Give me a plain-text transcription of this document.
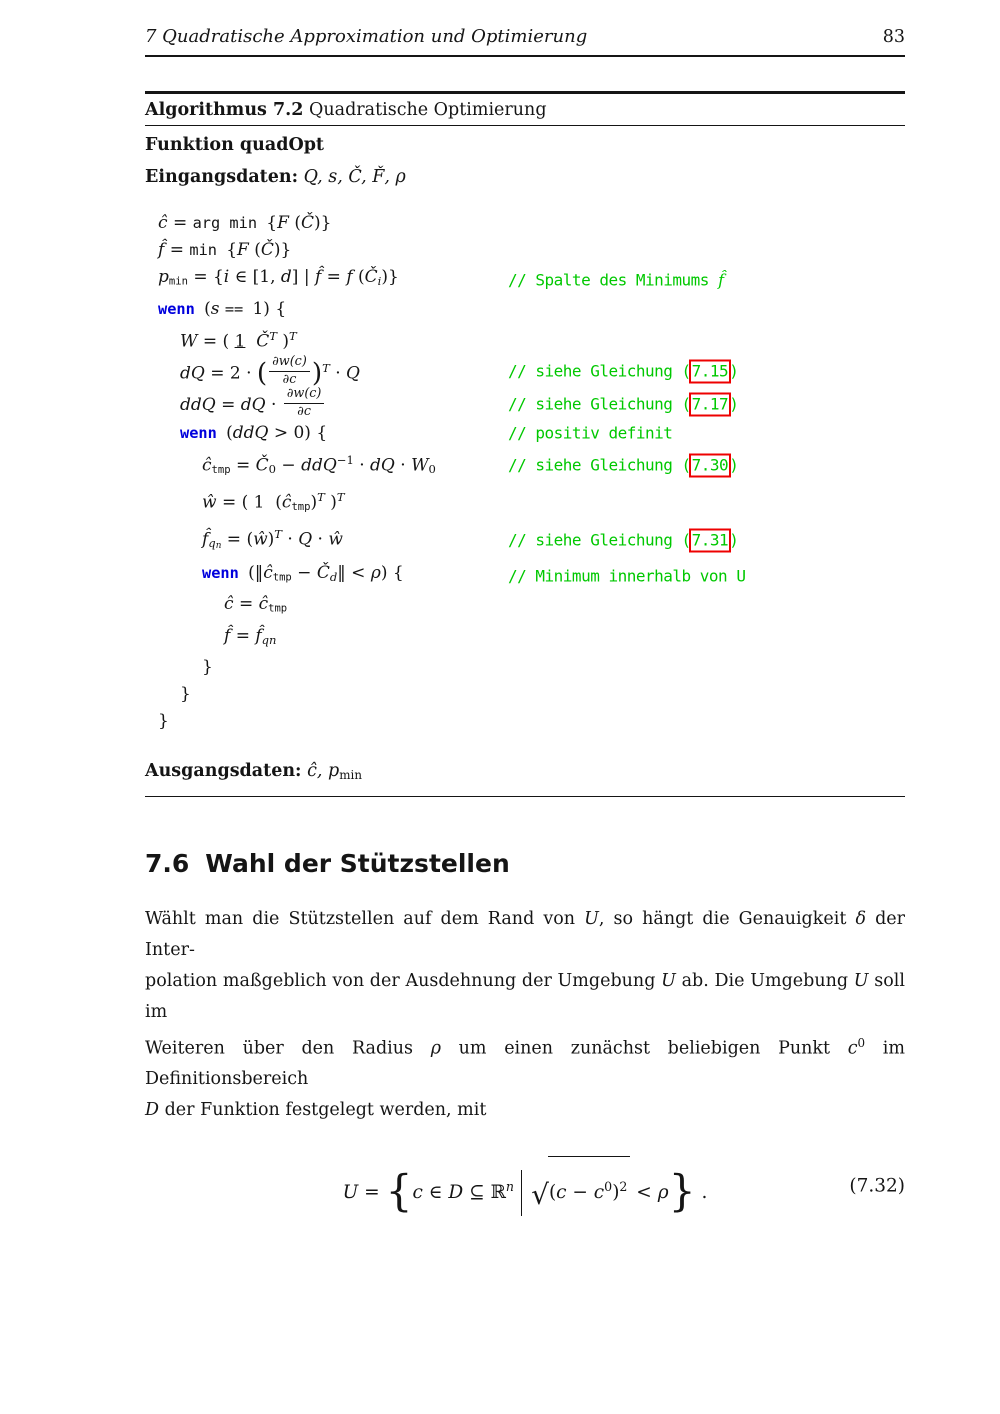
7 Quadratische Approximation und Optimierung	83
Algorithmus 7.2 Quadratische Optimierung
Funktion quadOpt
Eingangsdaten: Q, s, Č, F̌, ρ
ĉ = arg min {F (Č)}
f̂ = min {F (Č)}
pmin = {i ∈ [1, d] | f̂ = f (Či)}	// Spalte des Minimums f̂
wenn (s == 1) {
W = ( 1 $Č^T$ )$^T$
dQ = 2 · ( $\frac{\partial w(c)}{\partial c} )^T \cdot Q$	// siehe Gleichung (7.15)
ddQ = dQ · $\frac{\partial w(c)}{\partial c}$	// siehe Gleichung (7.17)
wenn (ddQ > 0) {	// positiv definit
ĉtmp = Č0 − ddQ$^{-1}$ · dQ · W0	// siehe Gleichung (7.30)
ŵ = ( 1  (ĉtmp)$^T$ )$^T$
$f̂q_n$ = (ŵ)$^T$ · Q · ŵ	// siehe Gleichung (7.31)
wenn (‖ĉtmp − Čd‖ < ρ) {	// Minimum innerhalb von U
ĉ = ĉtmp
f̂ = f̂qn
}
}
}
Ausgangsdaten: ĉ, pmin
7.6 Wahl der Stützstellen
Wählt man die Stützstellen auf dem Rand von U, so hängt die Genauigkeit δ der Inter-
polation maßgeblich von der Ausdehnung der Umgebung U ab. Die Umgebung U soll im
Weiteren über den Radius ρ um einen zunächst beliebigen Punkt $c^0$ im Definitionsbereich
D der Funktion festgelegt werden, mit
U = {c ∈ D ⊆ ℝ$^n$ $√(c - c^0)^2 < \rho$} .	(7.32)
